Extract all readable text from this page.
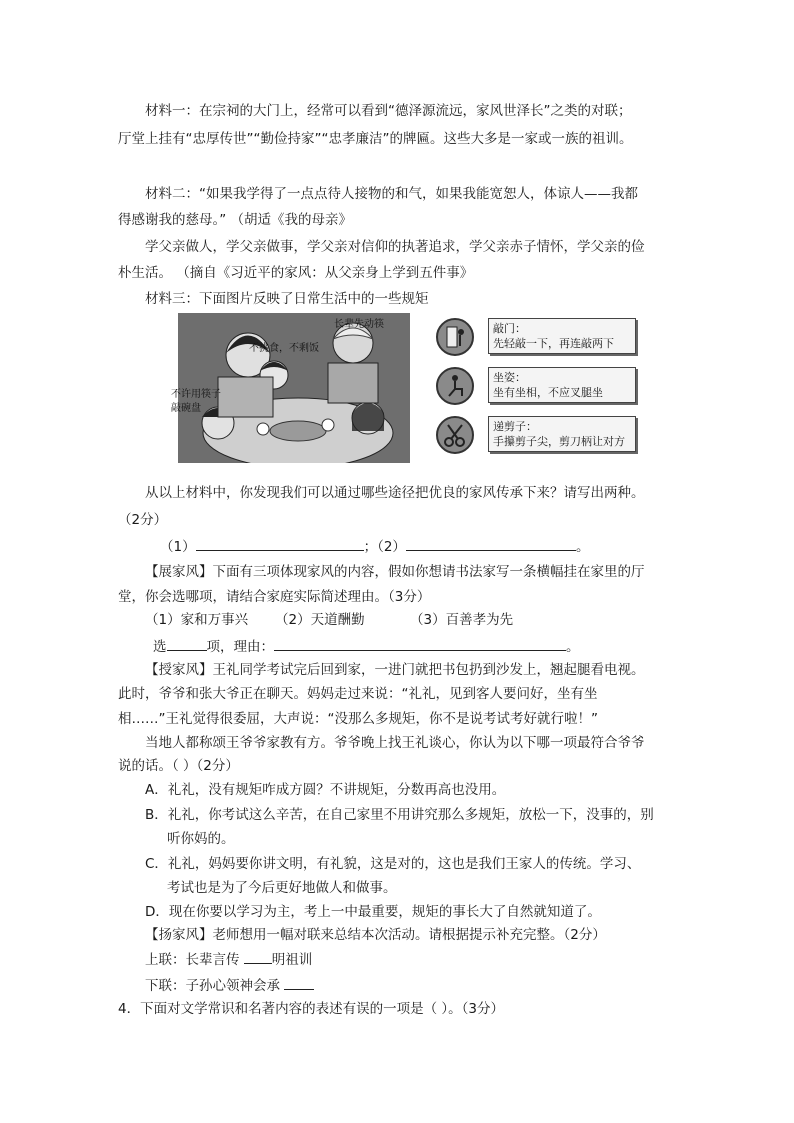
材料一：在宗祠的大门上，经常可以看到“德泽源流远，家风世泽长”之类的对联；
厅堂上挂有“忠厚传世”“勤俭持家”“忠孝廉洁”的牌匾。这些大多是一家或一族的祖训。
材料二：“如果我学得了一点点待人接物的和气，如果我能宽恕人，体谅人——我都
得感谢我的慈母。” （胡适《我的母亲》
学父亲做人，学父亲做事，学父亲对信仰的执著追求，学父亲赤子情怀，学父亲的俭
朴生活。 （摘自《习近平的家风：从父亲身上学到五件事》
材料三：下面图片反映了日常生活中的一些规矩
长辈先动筷
不挑食，不剩饭
不许用筷子
敲碗盘
敲门：
先轻敲一下，再连敲两下
坐姿：
坐有坐相，不应叉腿坐
递剪子：
手攥剪子尖，剪刀柄让对方
从以上材料中，你发现我们可以通过哪些途径把优良的家风传承下来？请写出两种。
（2分）
（1）	；（2）	。
【展家风】下面有三项体现家风的内容，假如你想请书法家写一条横幅挂在家里的厅
堂，你会选哪项，请结合家庭实际简述理由。（3分）
（1）家和万事兴 （2）天道酬勤	（3）百善孝为先
选	项，理由：	。
【授家风】王礼同学考试完后回到家，一进门就把书包扔到沙发上，翘起腿看电视。
此时，爷爷和张大爷正在聊天。妈妈走过来说：“礼礼，见到客人要问好，坐有坐
相……”王礼觉得很委屈，大声说：“没那么多规矩，你不是说考试考好就行啦！”
当地人都称颂王爷爷家教有方。爷爷晚上找王礼谈心，你认为以下哪一项最符合爷爷
说的话。（ ）（2分）
A．礼礼，没有规矩咋成方圆？不讲规矩，分数再高也没用。
B．礼礼，你考试这么辛苦，在自己家里不用讲究那么多规矩，放松一下，没事的，别
听你妈的。
C．礼礼，妈妈要你讲文明，有礼貌，这是对的，这也是我们王家人的传统。学习、
考试也是为了今后更好地做人和做事。
D．现在你要以学习为主，考上一中最重要，规矩的事长大了自然就知道了。
【扬家风】老师想用一幅对联来总结本次活动。请根据提示补充完整。（2分）
上联：长辈言传 明祖训
下联：子孙心领神会承
4．下面对文学常识和名著内容的表述有误的一项是（ ）。（3分）
